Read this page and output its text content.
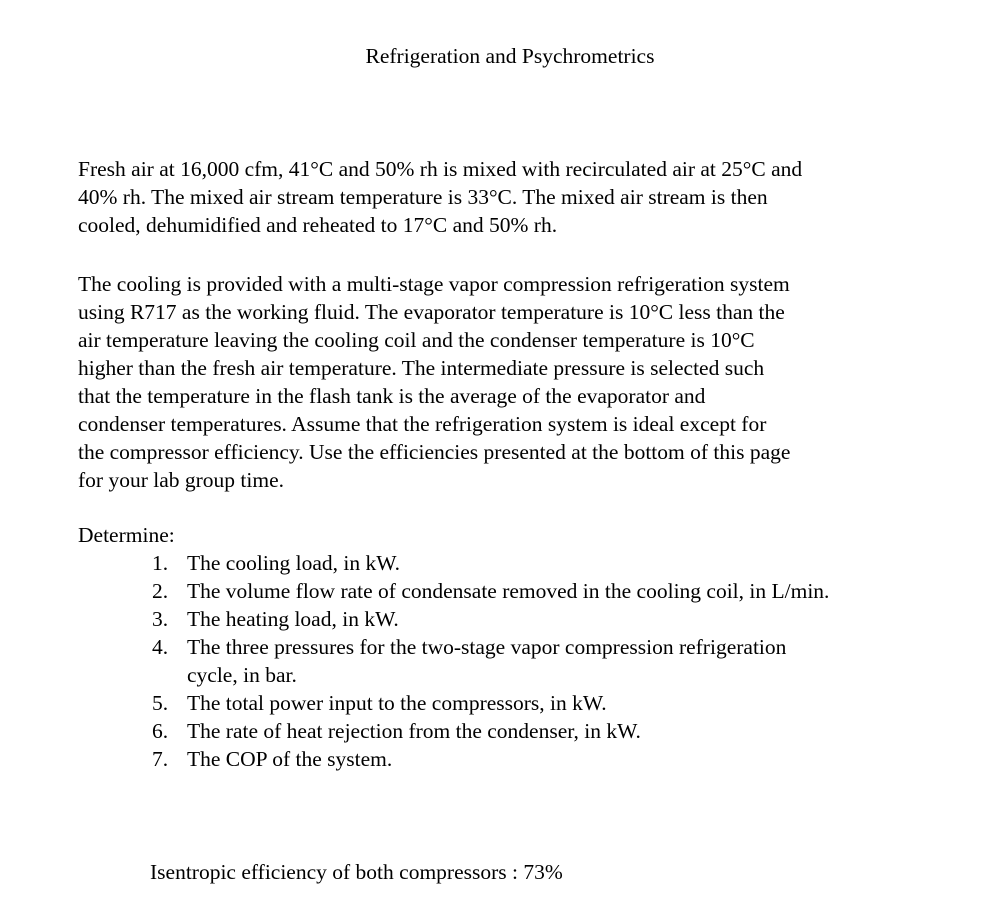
Refrigeration and Psychrometrics
Fresh air at 16,000 cfm, 41°C and 50% rh is mixed with recirculated air at 25°C and
40% rh. The mixed air stream temperature is 33°C. The mixed air stream is then
cooled, dehumidified and reheated to 17°C and 50% rh.
The cooling is provided with a multi-stage vapor compression refrigeration system
using R717 as the working fluid. The evaporator temperature is 10°C less than the
air temperature leaving the cooling coil and the condenser temperature is 10°C
higher than the fresh air temperature. The intermediate pressure is selected such
that the temperature in the flash tank is the average of the evaporator and
condenser temperatures. Assume that the refrigeration system is ideal except for
the compressor efficiency. Use the efficiencies presented at the bottom of this page
for your lab group time.
Determine:
1. The cooling load, in kW.
2. The volume flow rate of condensate removed in the cooling coil, in L/min.
3. The heating load, in kW.
4. The three pressures for the two-stage vapor compression refrigeration
cycle, in bar.
5. The total power input to the compressors, in kW.
6. The rate of heat rejection from the condenser, in kW.
7. The COP of the system.
Isentropic efficiency of both compressors : 73%
